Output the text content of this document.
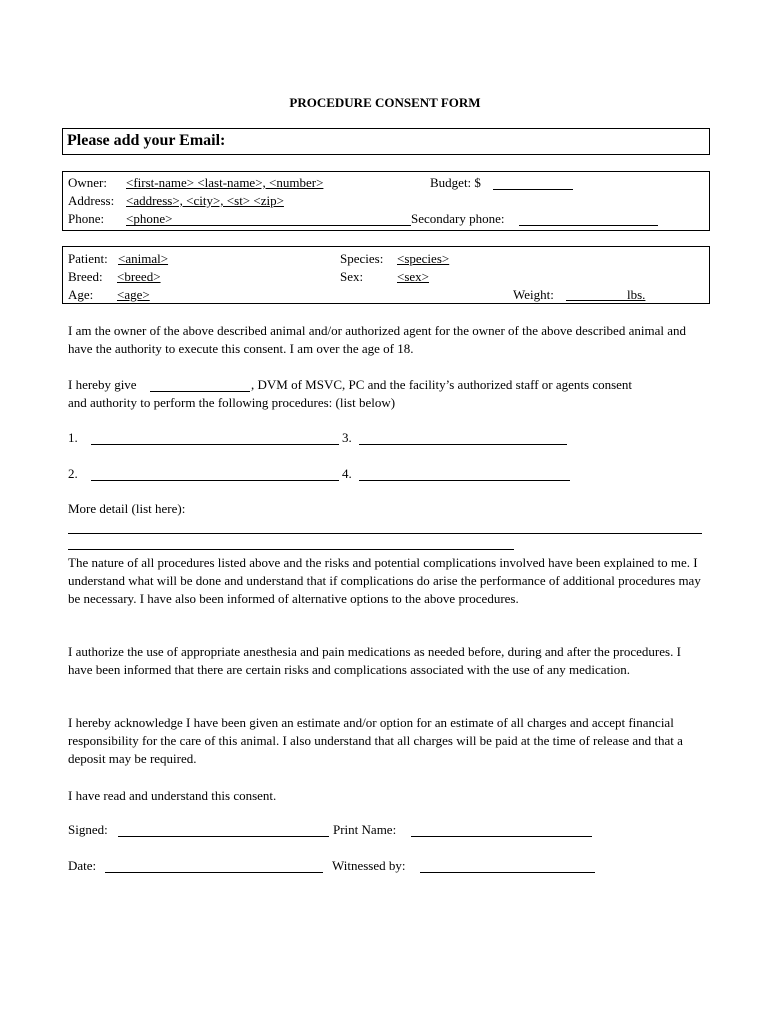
PROCEDURE CONSENT FORM
Please add your Email:
Owner: <first-name> <last-name>, <number>	Budget: $
Address: <address>, <city>, <st> <zip>
Phone: <phone>	Secondary phone:
Patient: <animal>	Species: <species>
Breed: <breed>	Sex:	<sex>
Age: <age>	Weight:	lbs.
I am the owner of the above described animal and/or authorized agent for the owner of the above described animal and have the authority to execute this consent. I am over the age of 18.
I hereby give	, DVM of MSVC, PC and the facility’s authorized staff or agents consent
and authority to perform the following procedures: (list below)
1.	3.
2.	4.
More detail (list here):
The nature of all procedures listed above and the risks and potential complications involved have been explained to me. I understand what will be done and understand that if complications do arise the performance of additional procedures may be necessary. I have also been informed of alternative options to the above procedures.
I authorize the use of appropriate anesthesia and pain medications as needed before, during and after the procedures. I have been informed that there are certain risks and complications associated with the use of any medication.
I hereby acknowledge I have been given an estimate and/or option for an estimate of all charges and accept financial responsibility for the care of this animal. I also understand that all charges will be paid at the time of release and that a deposit may be required.
I have read and understand this consent.
Signed:	Print Name:
Date:	Witnessed by:
